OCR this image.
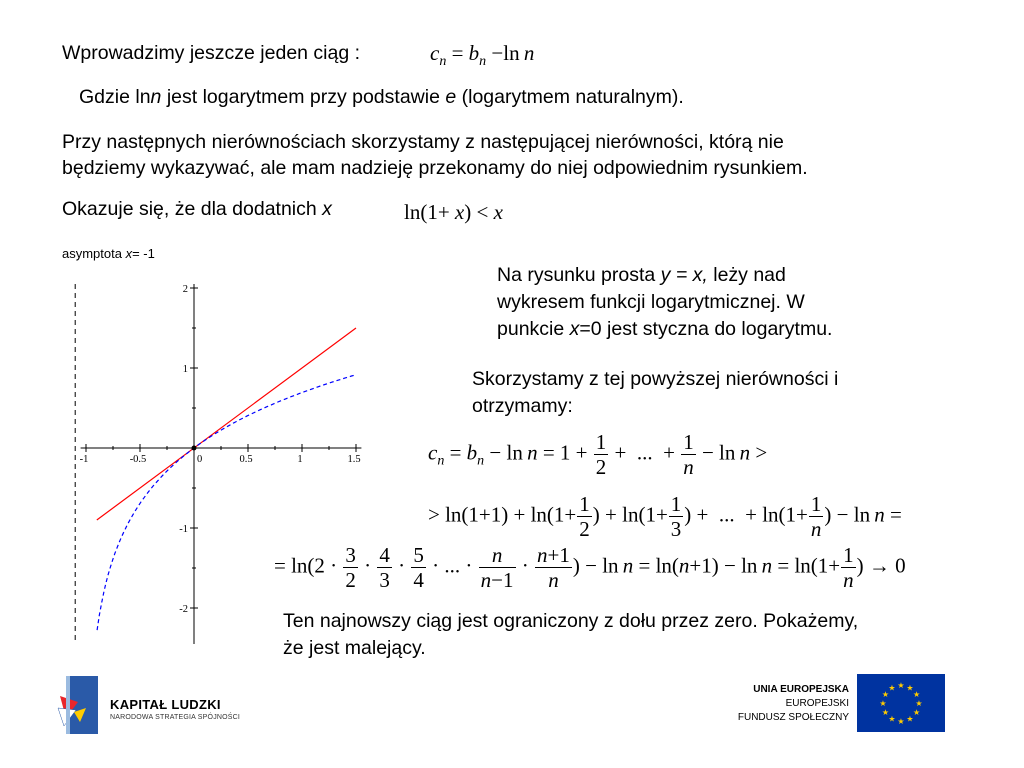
Wprowadzimy jeszcze jeden ciąg :	$c_n = b_n -\ln$  n
Gdzie lnn jest logarytmem przy podstawie e (logarytmem naturalnym).
Przy następnych nierównościach skorzystamy z następującej nierówności, którą nie
będziemy wykazywać, ale mam nadzieję przekonamy do niej odpowiednim rysunkiem.
Okazuje się, że dla dodatnich x	ln(1+ x) < x
asymptota x= -1
-1	-0.5	0	0.5	1	1.5
2
1
-1
-2
Na rysunku prosta y = x, leży nad
wykresem funkcji logarytmicznej. W
punkcie x=0 jest styczna do logarytmu.
Skorzystamy z tej powyższej nierówności i
otrzymamy:
$c_n = b_n - \ln n = 1 + \frac{1}{2}$ +  ...  + $\frac{1}{n} - \ln n$ >
> $\ln(1+1) + \ln(1+ \frac{1}{2}$ ) + $\ln(1+ \frac{1}{3}$ ) +  ...  + $\ln(1+ \frac{1}{n}$ ) − ln n =
= $\ln(2 \cdot \frac{3}{2} \cdot \frac{4}{3} \cdot \frac{5}{4}$ · ... · $\frac{n}{n-1} \cdot \frac{n+1}{n}$ ) − $\ln n = \ln(n+1) - \ln n = \ln(1+ \frac{1}{n}$ ) → 0
Ten najnowszy ciąg jest ograniczony z dołu przez zero. Pokażemy,
że jest malejący.
KAPITAŁ LUDZKI
NARODOWA STRATEGIA SPÓJNOŚCI
UNIA EUROPEJSKA
EUROPEJSKI
FUNDUSZ SPOŁECZNY
★
★
★
★
★
★
★
★
★ ★ ★
★
